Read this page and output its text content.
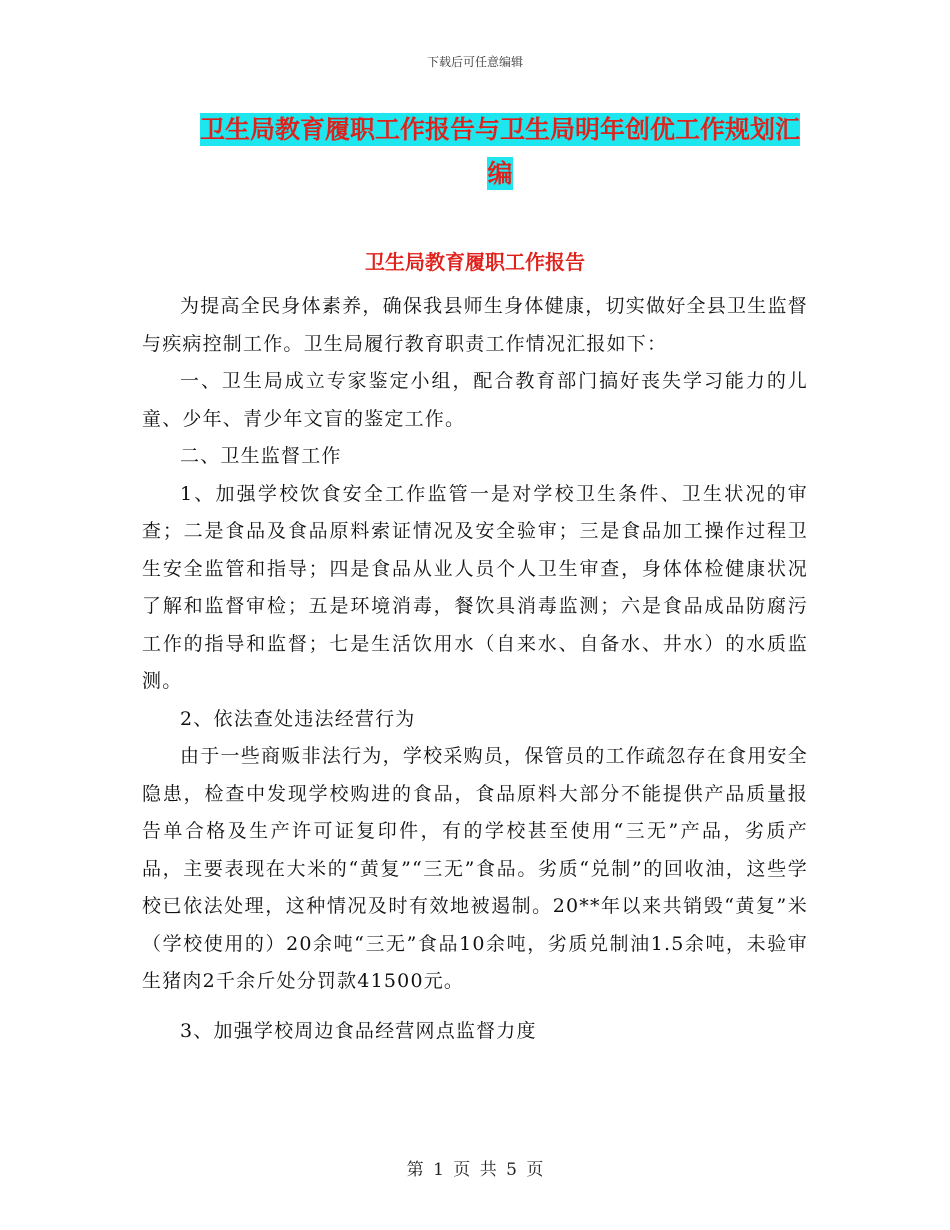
下载后可任意编辑
卫生局教育履职工作报告与卫生局明年创优工作规划汇编
卫生局教育履职工作报告

为提高全民身体素养，确保我县师生身体健康，切实做好全县卫生监督与疾病控制工作。卫生局履行教育职责工作情况汇报如下：

一、卫生局成立专家鉴定小组，配合教育部门搞好丧失学习能力的儿童、少年、青少年文盲的鉴定工作。

二、卫生监督工作

1、加强学校饮食安全工作监管一是对学校卫生条件、卫生状况的审查；二是食品及食品原料索证情况及安全验审；三是食品加工操作过程卫生安全监管和指导；四是食品从业人员个人卫生审查，身体体检健康状况了解和监督审检；五是环境消毒，餐饮具消毒监测；六是食品成品防腐污工作的指导和监督；七是生活饮用水（自来水、自备水、井水）的水质监测。

2、依法查处违法经营行为

由于一些商贩非法行为，学校采购员，保管员的工作疏忽存在食用安全隐患，检查中发现学校购进的食品，食品原料大部分不能提供产品质量报告单合格及生产许可证复印件，有的学校甚至使用“三无”产品，劣质产品，主要表现在大米的“黄复”“三无”食品。劣质“兑制”的回收油，这些学校已依法处理，这种情况及时有效地被遏制。20**年以来共销毁“黄复”米（学校使用的）20余吨“三无”食品10余吨，劣质兑制油1.5余吨，未验审生猪肉2千余斤处分罚款41500元。

3、加强学校周边食品经营网点监督力度

第 1 页 共 5 页
